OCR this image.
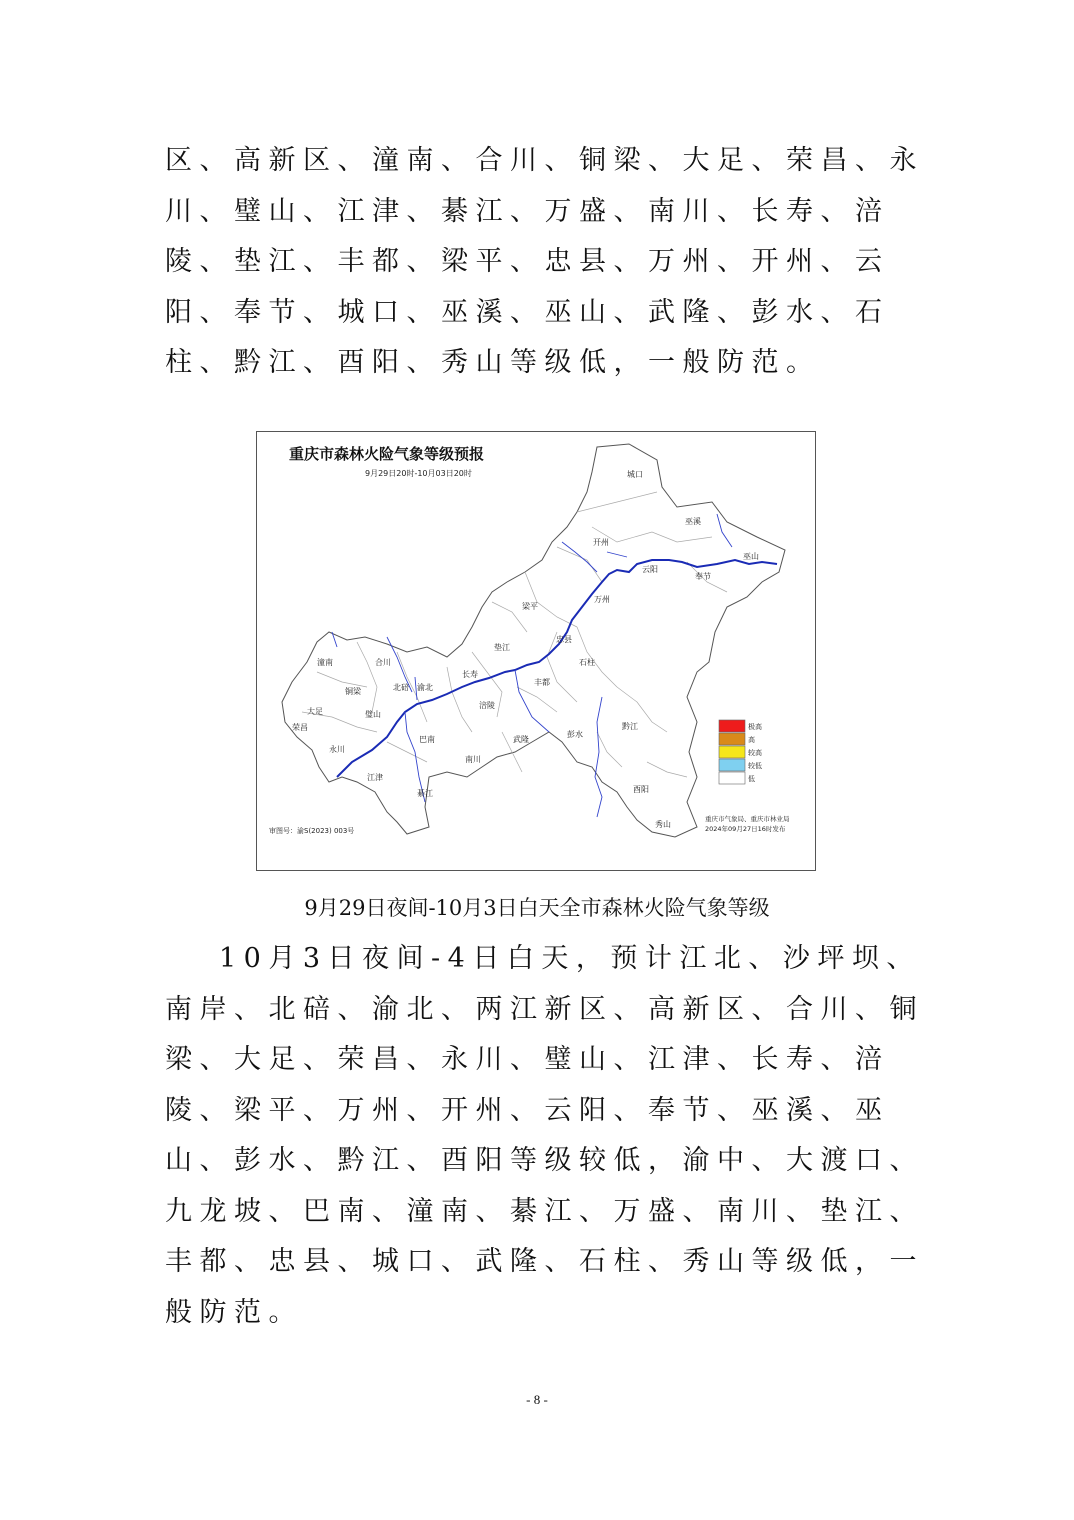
区、高新区、潼南、合川、铜梁、大足、荣昌、永川、璧山、江津、綦江、万盛、南川、长寿、涪陵、垫江、丰都、梁平、忠县、万州、开州、云阳、奉节、城口、巫溪、巫山、武隆、彭水、石柱、黔江、酉阳、秀山等级低，一般防范。

重庆市森林火险气象等级预报
9月29日20时-10月03日20时	城口
巫溪
开州
巫山
云阳
奉节
万州
梁平
忠县
垫江
石柱
潼南	合川
长寿
丰都
铜梁	北碚 渝北
大足	璧山
涪陵
荣昌
永川
巴南	武隆
彭水
黔江
南川
江津
綦江	酉阳
秀山
极高
高
较高
较低
低
审图号：渝S(2023) 003号
重庆市气象局、重庆市林业局
2024年09月27日16时发布
9月29日夜间-10月3日白天全市森林火险气象等级

10月3日夜间-4日白天，预计江北、沙坪坝、南岸、北碚、渝北、两江新区、高新区、合川、铜梁、大足、荣昌、永川、璧山、江津、长寿、涪陵、梁平、万州、开州、云阳、奉节、巫溪、巫山、彭水、黔江、酉阳等级较低，渝中、大渡口、九龙坡、巴南、潼南、綦江、万盛、南川、垫江、丰都、忠县、城口、武隆、石柱、秀山等级低，一般防范。

- 8 -
